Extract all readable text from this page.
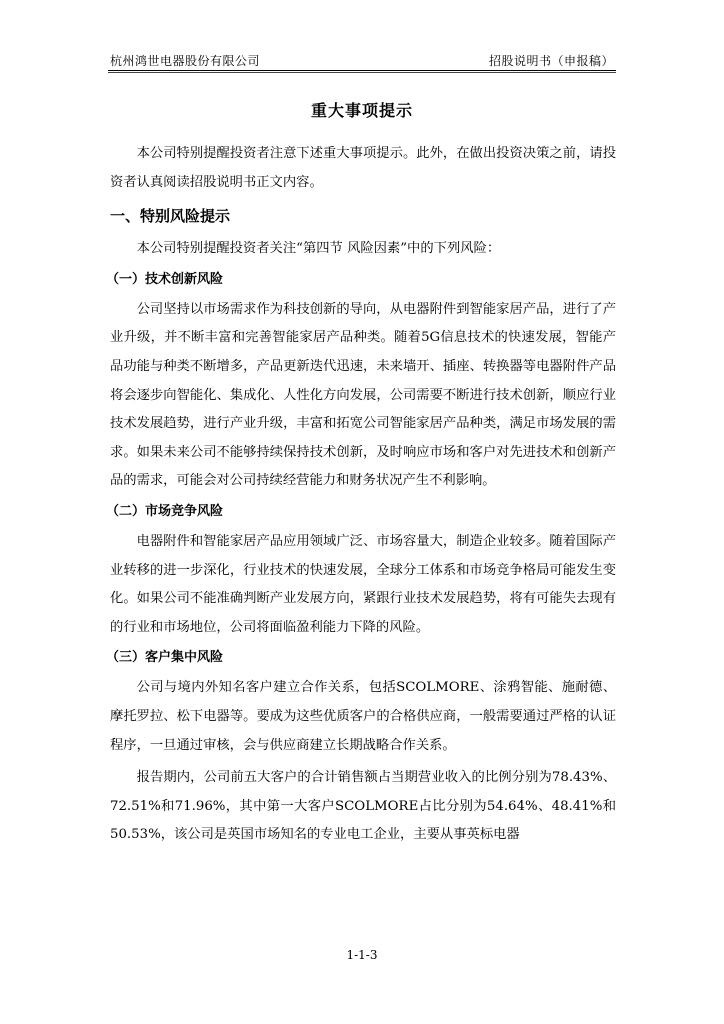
杭州鸿世电器股份有限公司	招股说明书（申报稿）
重大事项提示

本公司特别提醒投资者注意下述重大事项提示。此外，在做出投资决策之前，请投资者认真阅读招股说明书正文内容。

一、特别风险提示

本公司特别提醒投资者关注“第四节 风险因素”中的下列风险：

（一）技术创新风险

公司坚持以市场需求作为科技创新的导向，从电器附件到智能家居产品，进行了产业升级，并不断丰富和完善智能家居产品种类。随着5G信息技术的快速发展，智能产品功能与种类不断增多，产品更新迭代迅速，未来墙开、插座、转换器等电器附件产品将会逐步向智能化、集成化、人性化方向发展，公司需要不断进行技术创新，顺应行业技术发展趋势，进行产业升级，丰富和拓宽公司智能家居产品种类，满足市场发展的需求。如果未来公司不能够持续保持技术创新，及时响应市场和客户对先进技术和创新产品的需求，可能会对公司持续经营能力和财务状况产生不利影响。

（二）市场竞争风险

电器附件和智能家居产品应用领域广泛、市场容量大，制造企业较多。随着国际产业转移的进一步深化，行业技术的快速发展，全球分工体系和市场竞争格局可能发生变化。如果公司不能准确判断产业发展方向，紧跟行业技术发展趋势，将有可能失去现有的行业和市场地位，公司将面临盈利能力下降的风险。

（三）客户集中风险

公司与境内外知名客户建立合作关系，包括SCOLMORE、涂鸦智能、施耐德、摩托罗拉、松下电器等。要成为这些优质客户的合格供应商，一般需要通过严格的认证程序，一旦通过审核，会与供应商建立长期战略合作关系。

报告期内，公司前五大客户的合计销售额占当期营业收入的比例分别为78.43%、72.51%和71.96%，其中第一大客户SCOLMORE占比分别为54.64%、48.41%和 50.53%，该公司是英国市场知名的专业电工企业，主要从事英标电器

1-1-3
